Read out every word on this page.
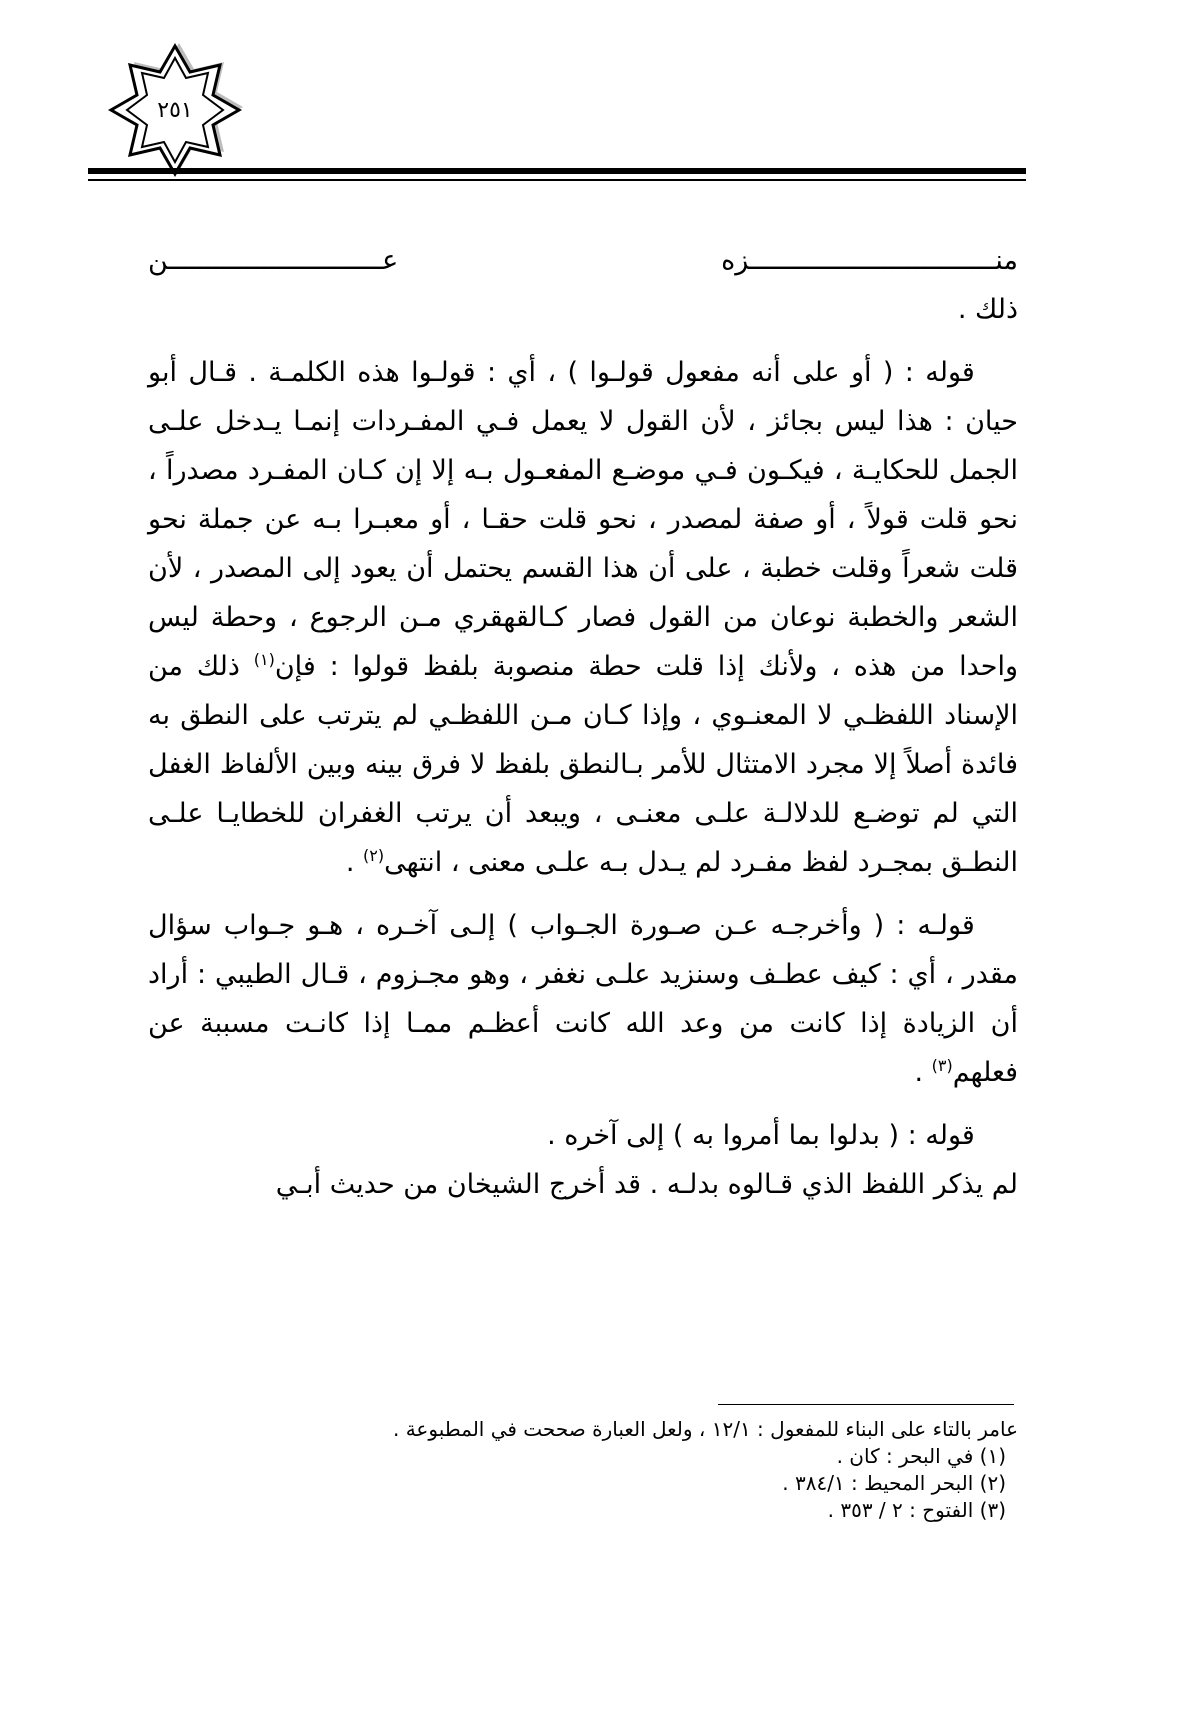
٢٥١

منـــــــــــــــــــــــــــــــزه عـــــــــــــــــــــــــــن

ذلك .

قوله : ( أو على أنه مفعول قولـوا ) ، أي : قولـوا هذه الكلمـة . قـال أبو حيان : هذا ليس بجائز ، لأن القول لا يعمل فـي المفـردات إنمـا يـدخل علـى الجمل للحكايـة ، فيكـون فـي موضـع المفعـول بـه إلا إن كـان المفـرد مصدراً ، نحو قلت قولاً ، أو صفة لمصدر ، نحو قلت حقـا ، أو معبـرا بـه عن جملة نحو قلت شعراً وقلت خطبة ، على أن هذا القسم يحتمل أن يعود إلى المصدر ، لأن الشعر والخطبة نوعان من القول فصار كـالقهقري مـن الرجوع ، وحطة ليس واحدا من هذه ، ولأنك إذا قلت حطة منصوبة بلفظ قولوا : فإن$^{(١)}$ ذلك من الإسناد اللفظـي لا المعنـوي ، وإذا كـان مـن اللفظـي لم يترتب على النطق به فائدة أصلاً إلا مجرد الامتثال للأمر بـالنطق بلفظ لا فرق بينه وبين الألفاظ الغفل التي لم توضـع للدلالـة علـى معنـى ، ويبعد أن يرتب الغفران للخطايـا علـى النطـق بمجـرد لفظ مفـرد لم يـدل بـه علـى معنى ، انتهى$^{(٢)}$ .

قولـه : ( وأخرجـه عـن صـورة الجـواب ) إلـى آخـره ، هـو جـواب سؤال مقدر ، أي : كيف عطـف وسنزيد علـى نغفر ، وهو مجـزوم ، قـال الطيبي : أراد أن الزيادة إذا كانت من وعد الله كانت أعظـم ممـا إذا كانـت مسببة عن فعلهم$^{(٣)}$ .

قوله : ( بدلوا بما أمروا به ) إلى آخره .

لم يذكر اللفظ الذي قـالوه بدلـه . قد أخرج الشيخان من حديث أبـي

عامر بالتاء على البناء للمفعول : ١٢/١ ، ولعل العبارة صححت في المطبوعة .
(١) في البحر : كان .
(٢) البحر المحيط : ٣٨٤/١ .
(٣) الفتوح : ٢ / ٣٥٣ .
